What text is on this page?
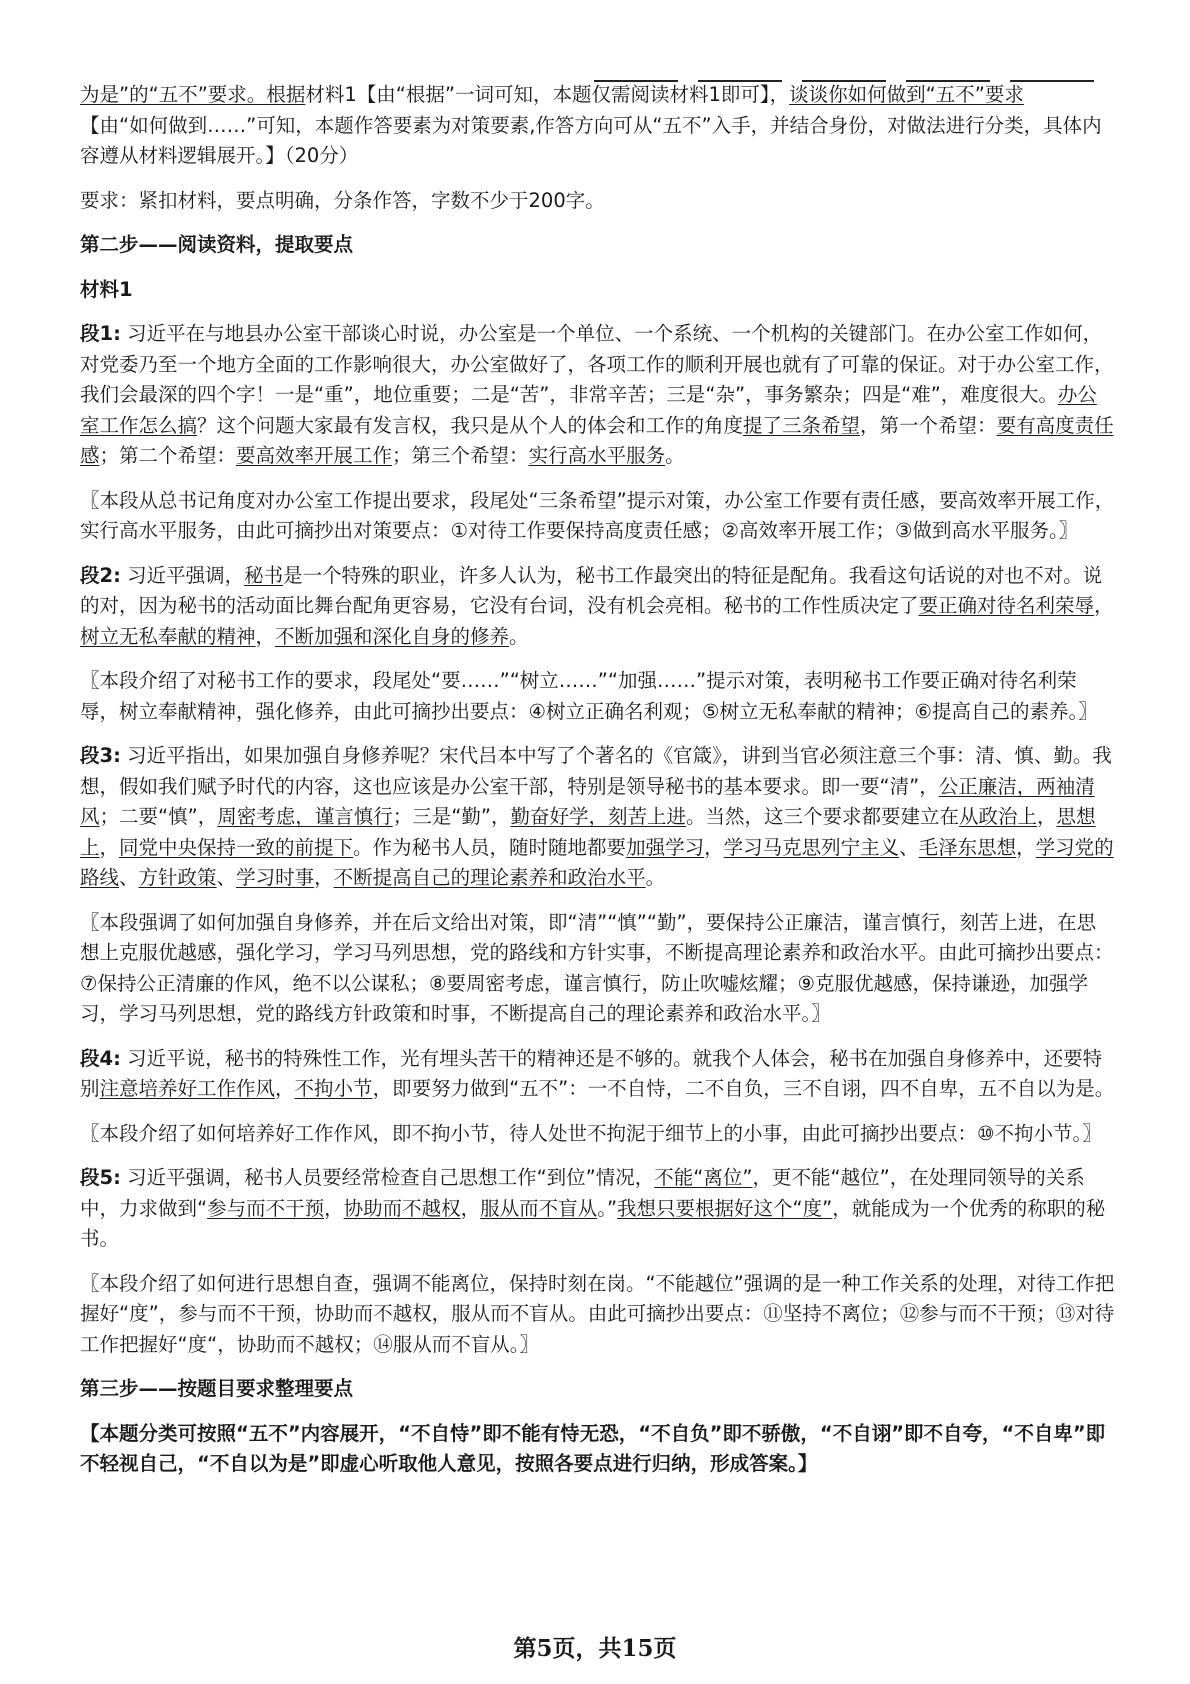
为是”的“五不”要求。根据材料1【由“根据”一词可知，本题仅需阅读材料1即可】，谈谈你如何做到“五不”要求
【由“如何做到……”可知，本题作答要素为对策要素,作答方向可从“五不”入手，并结合身份，对做法进行分类，具体内容遵从材料逻辑展开。】（20分）

要求：紧扣材料，要点明确，分条作答，字数不少于200字。

第二步——阅读资料，提取要点

材料1

段1: 习近平在与地县办公室干部谈心时说，办公室是一个单位、一个系统、一个机构的关键部门。在办公室工作如何，对党委乃至一个地方全面的工作影响很大，办公室做好了，各项工作的顺利开展也就有了可靠的保证。对于办公室工作，我们会最深的四个字！一是“重”，地位重要；二是“苦”，非常辛苦；三是“杂”，事务繁杂；四是“难”，难度很大。办公室工作怎么搞？这个问题大家最有发言权，我只是从个人的体会和工作的角度提了三条希望，第一个希望：要有高度责任感；第二个希望：要高效率开展工作；第三个希望：实行高水平服务。

〖本段从总书记角度对办公室工作提出要求，段尾处“三条希望”提示对策，办公室工作要有责任感，要高效率开展工作，实行高水平服务，由此可摘抄出对策要点：①对待工作要保持高度责任感；②高效率开展工作；③做到高水平服务。〗

段2: 习近平强调，秘书是一个特殊的职业，许多人认为，秘书工作最突出的特征是配角。我看这句话说的对也不对。说的对，因为秘书的活动面比舞台配角更容易，它没有台词，没有机会亮相。秘书的工作性质决定了要正确对待名利荣辱，树立无私奉献的精神，不断加强和深化自身的修养。

〖本段介绍了对秘书工作的要求，段尾处“要……”“树立……”“加强……”提示对策，表明秘书工作要正确对待名利荣辱，树立奉献精神，强化修养，由此可摘抄出要点：④树立正确名利观；⑤树立无私奉献的精神；⑥提高自己的素养。〗

段3: 习近平指出，如果加强自身修养呢？宋代吕本中写了个著名的《官箴》，讲到当官必须注意三个事：清、慎、勤。我想，假如我们赋予时代的内容，这也应该是办公室干部，特别是领导秘书的基本要求。即一要“清”，公正廉洁，两袖清风；二要“慎”，周密考虑，谨言慎行；三是“勤”，勤奋好学，刻苦上进。当然，这三个要求都要建立在从政治上，思想上，同党中央保持一致的前提下。作为秘书人员，随时随地都要加强学习，学习马克思列宁主义、毛泽东思想，学习党的路线、方针政策、学习时事，不断提高自己的理论素养和政治水平。

〖本段强调了如何加强自身修养，并在后文给出对策，即“清”“慎”“勤”，要保持公正廉洁，谨言慎行，刻苦上进，在思想上克服优越感，强化学习，学习马列思想，党的路线和方针实事，不断提高理论素养和政治水平。由此可摘抄出要点：⑦保持公正清廉的作风，绝不以公谋私；⑧要周密考虑，谨言慎行，防止吹嘘炫耀；⑨克服优越感，保持谦逊，加强学习，学习马列思想，党的路线方针政策和时事，不断提高自己的理论素养和政治水平。〗

段4: 习近平说，秘书的特殊性工作，光有埋头苦干的精神还是不够的。就我个人体会，秘书在加强自身修养中，还要特别注意培养好工作作风，不拘小节，即要努力做到“五不”：一不自恃，二不自负，三不自诩，四不自卑，五不自以为是。

〖本段介绍了如何培养好工作作风，即不拘小节，待人处世不拘泥于细节上的小事，由此可摘抄出要点：⑩不拘小节。〗

段5: 习近平强调，秘书人员要经常检查自己思想工作“到位”情况，不能“离位”，更不能“越位”，在处理同领导的关系中，力求做到“参与而不干预，协助而不越权，服从而不盲从。”我想只要根据好这个“度”，就能成为一个优秀的称职的秘书。

〖本段介绍了如何进行思想自查，强调不能离位，保持时刻在岗。“不能越位”强调的是一种工作关系的处理，对待工作把握好“度”，参与而不干预，协助而不越权，服从而不盲从。由此可摘抄出要点：⑪坚持不离位；⑫参与而不干预；⑬对待工作把握好“度“，协助而不越权；⑭服从而不盲从。〗

第三步——按题目要求整理要点

【本题分类可按照“五不”内容展开，“不自恃”即不能有恃无恐，“不自负”即不骄傲，“不自诩”即不自夸，“不自卑”即不轻视自己，“不自以为是”即虚心听取他人意见，按照各要点进行归纳，形成答案。】

第5页，共15页
